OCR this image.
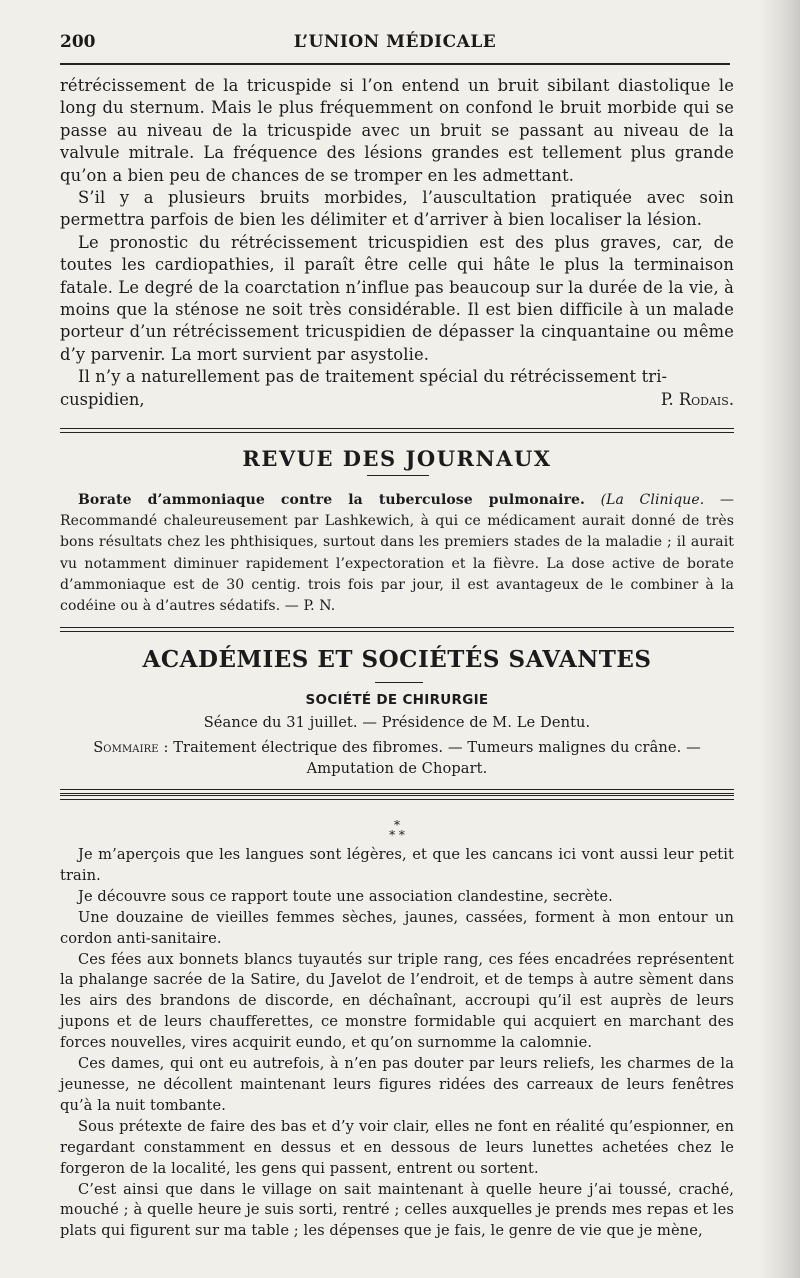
200	L’UNION MÉDICALE

rétrécissement de la tricuspide si l’on entend un bruit sibilant diastolique le long du sternum. Mais le plus fréquemment on confond le bruit morbide qui se passe au niveau de la tricuspide avec un bruit se passant au niveau de la valvule mitrale. La fréquence des lésions grandes est tellement plus grande qu’on a bien peu de chances de se tromper en les admettant.

S’il y a plusieurs bruits morbides, l’auscultation pratiquée avec soin permettra parfois de bien les délimiter et d’arriver à bien localiser la lésion.

Le pronostic du rétrécissement tricuspidien est des plus graves, car, de toutes les cardiopathies, il paraît être celle qui hâte le plus la terminaison fatale. Le degré de la coarctation n’influe pas beaucoup sur la durée de la vie, à moins que la sténose ne soit très considérable. Il est bien difficile à un malade porteur d’un rétrécissement tricuspidien de dépasser la cinquantaine ou même d’y parvenir. La mort survient par asystolie.

Il n’y a naturellement pas de traitement spécial du rétrécissement tri-

cuspidien,	P. Rodais.
REVUE DES JOURNAUX

Borate d’ammoniaque contre la tuberculose pulmonaire. (La Clinique. — Recommandé chaleureusement par Lashkewich, à qui ce médicament aurait donné de très bons résultats chez les phthisiques, surtout dans les premiers stades de la maladie ; il aurait vu notamment diminuer rapidement l’expectoration et la fièvre. La dose active de borate d’ammoniaque est de 30 centig. trois fois par jour, il est avantageux de le combiner à la codéine ou à d’autres sédatifs. — P. N.

ACADÉMIES ET SOCIÉTÉS SAVANTES

SOCIÉTÉ DE CHIRURGIE

Séance du 31 juillet. — Présidence de M. Le Dentu.

Sommaire : Traitement électrique des fibromes. — Tumeurs malignes du crâne. —

Amputation de Chopart.

*
* *

Je m’aperçois que les langues sont légères, et que les cancans ici vont aussi leur petit train.

Je découvre sous ce rapport toute une association clandestine, secrète.

Une douzaine de vieilles femmes sèches, jaunes, cassées, forment à mon entour un cordon anti-sanitaire.

Ces fées aux bonnets blancs tuyautés sur triple rang, ces fées encadrées représentent la phalange sacrée de la Satire, du Javelot de l’endroit, et de temps à autre sèment dans les airs des brandons de discorde, en déchaînant, accroupi qu’il est auprès de leurs jupons et de leurs chaufferettes, ce monstre formidable qui acquiert en marchant des forces nouvelles, vires acquirit eundo, et qu’on surnomme la calomnie.

Ces dames, qui ont eu autrefois, à n’en pas douter par leurs reliefs, les charmes de la jeunesse, ne décollent maintenant leurs figures ridées des carreaux de leurs fenêtres qu’à la nuit tombante.

Sous prétexte de faire des bas et d’y voir clair, elles ne font en réalité qu’espionner, en regardant constamment en dessus et en dessous de leurs lunettes achetées chez le forgeron de la localité, les gens qui passent, entrent ou sortent.

C’est ainsi que dans le village on sait maintenant à quelle heure j’ai toussé, craché, mouché ; à quelle heure je suis sorti, rentré ; celles auxquelles je prends mes repas et les plats qui figurent sur ma table ; les dépenses que je fais, le genre de vie que je mène,
